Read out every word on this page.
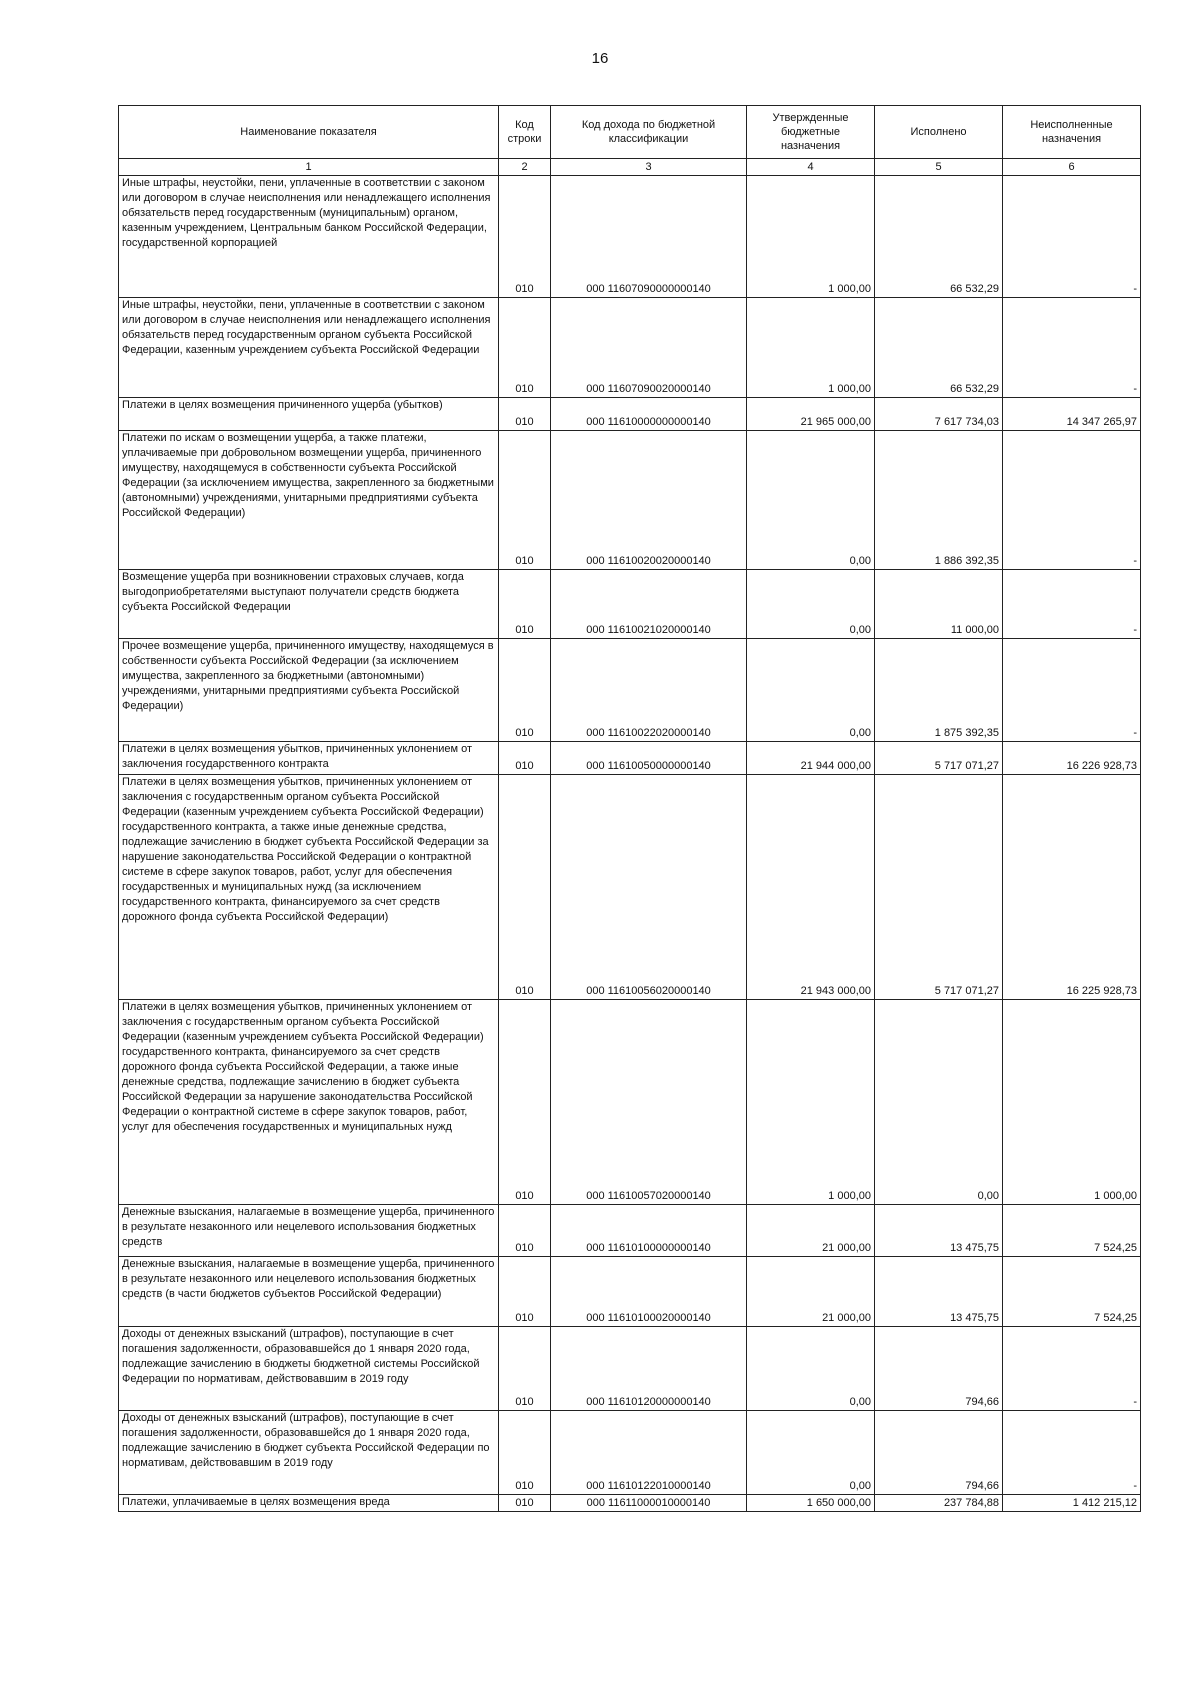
16
Наименование показателя	Код строки	Код дохода по бюджетной классификации	Утвержденные бюджетные назначения	Исполнено	Неисполненные назначения
1	2	3	4	5	6
Иные штрафы, неустойки, пени, уплаченные в соответствии с законом или договором в случае неисполнения или ненадлежащего исполнения обязательств перед государственным (муниципальным) органом, казенным учреждением, Центральным банком Российской Федерации, государственной корпорацией	010	000 11607090000000140	1 000,00	66 532,29	-
Иные штрафы, неустойки, пени, уплаченные в соответствии с законом или договором в случае неисполнения или ненадлежащего исполнения обязательств перед государственным органом субъекта Российской Федерации, казенным учреждением субъекта Российской Федерации	010	000 11607090020000140	1 000,00	66 532,29	-
Платежи в целях возмещения причиненного ущерба (убытков)	010	000 11610000000000140	21 965 000,00	7 617 734,03	14 347 265,97
Платежи по искам о возмещении ущерба, а также платежи, уплачиваемые при добровольном возмещении ущерба, причиненного имуществу, находящемуся в собственности субъекта Российской Федерации (за исключением имущества, закрепленного за бюджетными (автономными) учреждениями, унитарными предприятиями субъекта Российской Федерации)	010	000 11610020020000140	0,00	1 886 392,35	-
Возмещение ущерба при возникновении страховых случаев, когда выгодоприобретателями выступают получатели средств бюджета субъекта Российской Федерации	010	000 11610021020000140	0,00	11 000,00	-
Прочее возмещение ущерба, причиненного имуществу, находящемуся в собственности субъекта Российской Федерации (за исключением имущества, закрепленного за бюджетными (автономными) учреждениями, унитарными предприятиями субъекта Российской Федерации)	010	000 11610022020000140	0,00	1 875 392,35	-
Платежи в целях возмещения убытков, причиненных уклонением от заключения государственного контракта	010	000 11610050000000140	21 944 000,00	5 717 071,27	16 226 928,73
Платежи в целях возмещения убытков, причиненных уклонением от заключения с государственным органом субъекта Российской Федерации (казенным учреждением субъекта Российской Федерации) государственного контракта, а также иные денежные средства, подлежащие зачислению в бюджет субъекта Российской Федерации за нарушение законодательства Российской Федерации о контрактной системе в сфере закупок товаров, работ, услуг для обеспечения государственных и муниципальных нужд (за исключением государственного контракта, финансируемого за счет средств дорожного фонда субъекта Российской Федерации)	010	000 11610056020000140	21 943 000,00	5 717 071,27	16 225 928,73
Платежи в целях возмещения убытков, причиненных уклонением от заключения с государственным органом субъекта Российской Федерации (казенным учреждением субъекта Российской Федерации) государственного контракта, финансируемого за счет средств дорожного фонда субъекта Российской Федерации, а также иные денежные средства, подлежащие зачислению в бюджет субъекта Российской Федерации за нарушение законодательства Российской Федерации о контрактной системе в сфере закупок товаров, работ, услуг для обеспечения государственных и муниципальных нужд	010	000 11610057020000140	1 000,00	0,00	1 000,00
Денежные взыскания, налагаемые в возмещение ущерба, причиненного в результате незаконного или нецелевого использования бюджетных средств	010	000 11610100000000140	21 000,00	13 475,75	7 524,25
Денежные взыскания, налагаемые в возмещение ущерба, причиненного в результате незаконного или нецелевого использования бюджетных средств (в части бюджетов субъектов Российской Федерации)	010	000 11610100020000140	21 000,00	13 475,75	7 524,25
Доходы от денежных взысканий (штрафов), поступающие в счет погашения задолженности, образовавшейся до 1 января 2020 года, подлежащие зачислению в бюджеты бюджетной системы Российской Федерации по нормативам, действовавшим в 2019 году	010	000 11610120000000140	0,00	794,66	-
Доходы от денежных взысканий (штрафов), поступающие в счет погашения задолженности, образовавшейся до 1 января 2020 года, подлежащие зачислению в бюджет субъекта Российской Федерации по нормативам, действовавшим в 2019 году	010	000 11610122010000140	0,00	794,66	-
Платежи, уплачиваемые в целях возмещения вреда	010	000 11611000010000140	1 650 000,00	237 784,88	1 412 215,12
